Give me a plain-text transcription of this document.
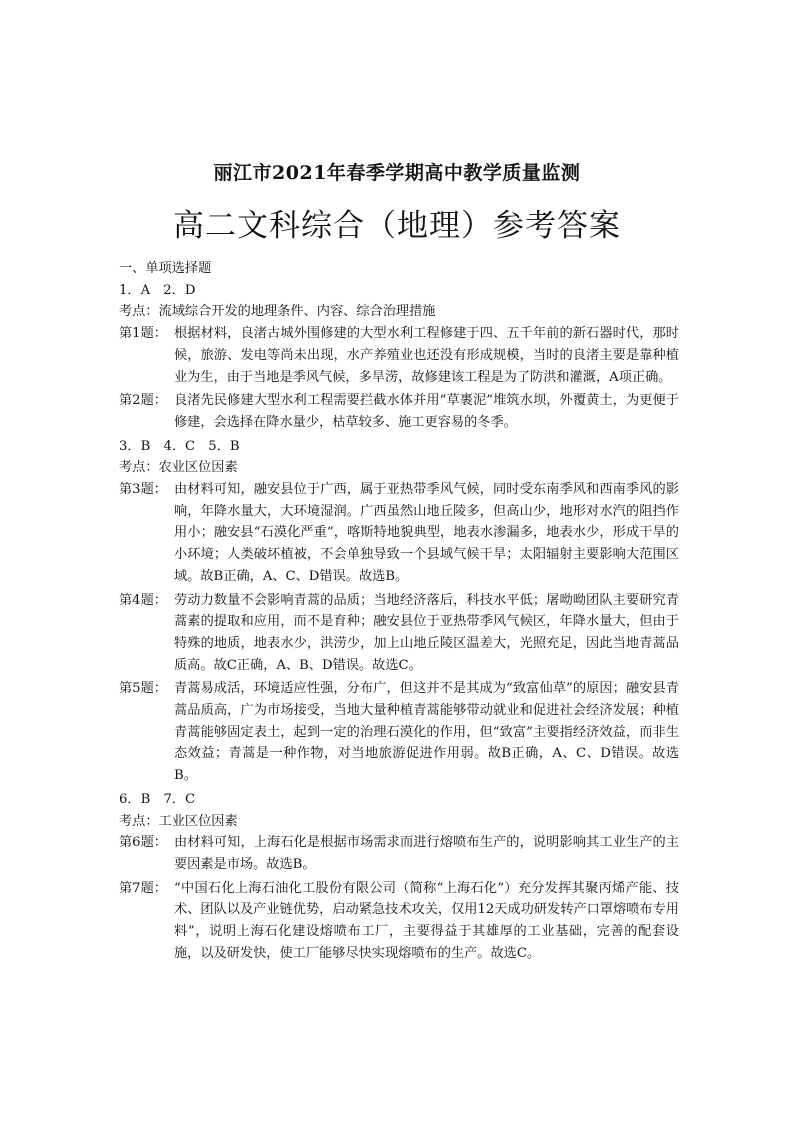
丽江市2021年春季学期高中教学质量监测
高二文科综合（地理）参考答案
一、单项选择题
1．A　2．D
考点：流域综合开发的地理条件、内容、综合治理措施
第1题： 根据材料，良渚古城外围修建的大型水利工程修建于四、五千年前的新石器时代，那时候，旅游、发电等尚未出现，水产养殖业也还没有形成规模，当时的良渚主要是靠种植业为生，由于当地是季风气候，多旱涝，故修建该工程是为了防洪和灌溉，A项正确。
第2题： 良渚先民修建大型水利工程需要拦截水体并用“草裹泥”堆筑水坝，外覆黄土，为更便于修建，会选择在降水量少，枯草较多、施工更容易的冬季。
3．B　4．C　5．B
考点：农业区位因素
第3题： 由材料可知，融安县位于广西，属于亚热带季风气候，同时受东南季风和西南季风的影响，年降水量大，大环境湿润。广西虽然山地丘陵多，但高山少，地形对水汽的阻挡作用小；融安县“石漠化严重”，喀斯特地貌典型，地表水渗漏多，地表水少，形成干旱的小环境；人类破坏植被，不会单独导致一个县域气候干旱；太阳辐射主要影响大范围区域。故B正确，A、C、D错误。故选B。
第4题： 劳动力数量不会影响青蒿的品质；当地经济落后，科技水平低；屠呦呦团队主要研究青蒿素的提取和应用，而不是育种；融安县位于亚热带季风气候区，年降水量大，但由于特殊的地质，地表水少，洪涝少，加上山地丘陵区温差大，光照充足，因此当地青蒿品质高。故C正确，A、B、D错误。故选C。
第5题： 青蒿易成活，环境适应性强，分布广，但这并不是其成为“致富仙草”的原因；融安县青蒿品质高，广为市场接受，当地大量种植青蒿能够带动就业和促进社会经济发展；种植青蒿能够固定表土，起到一定的治理石漠化的作用，但“致富”主要指经济效益，而非生态效益；青蒿是一种作物，对当地旅游促进作用弱。故B正确，A、C、D错误。故选B。
6．B　7．C
考点：工业区位因素
第6题： 由材料可知，上海石化是根据市场需求而进行熔喷布生产的，说明影响其工业生产的主要因素是市场。故选B。
第7题： “中国石化上海石油化工股份有限公司（简称“上海石化”）充分发挥其聚丙烯产能、技术、团队以及产业链优势，启动紧急技术攻关，仅用12天成功研发转产口罩熔喷布专用料”，说明上海石化建设熔喷布工厂，主要得益于其雄厚的工业基础，完善的配套设施，以及研发快，使工厂能够尽快实现熔喷布的生产。故选C。
